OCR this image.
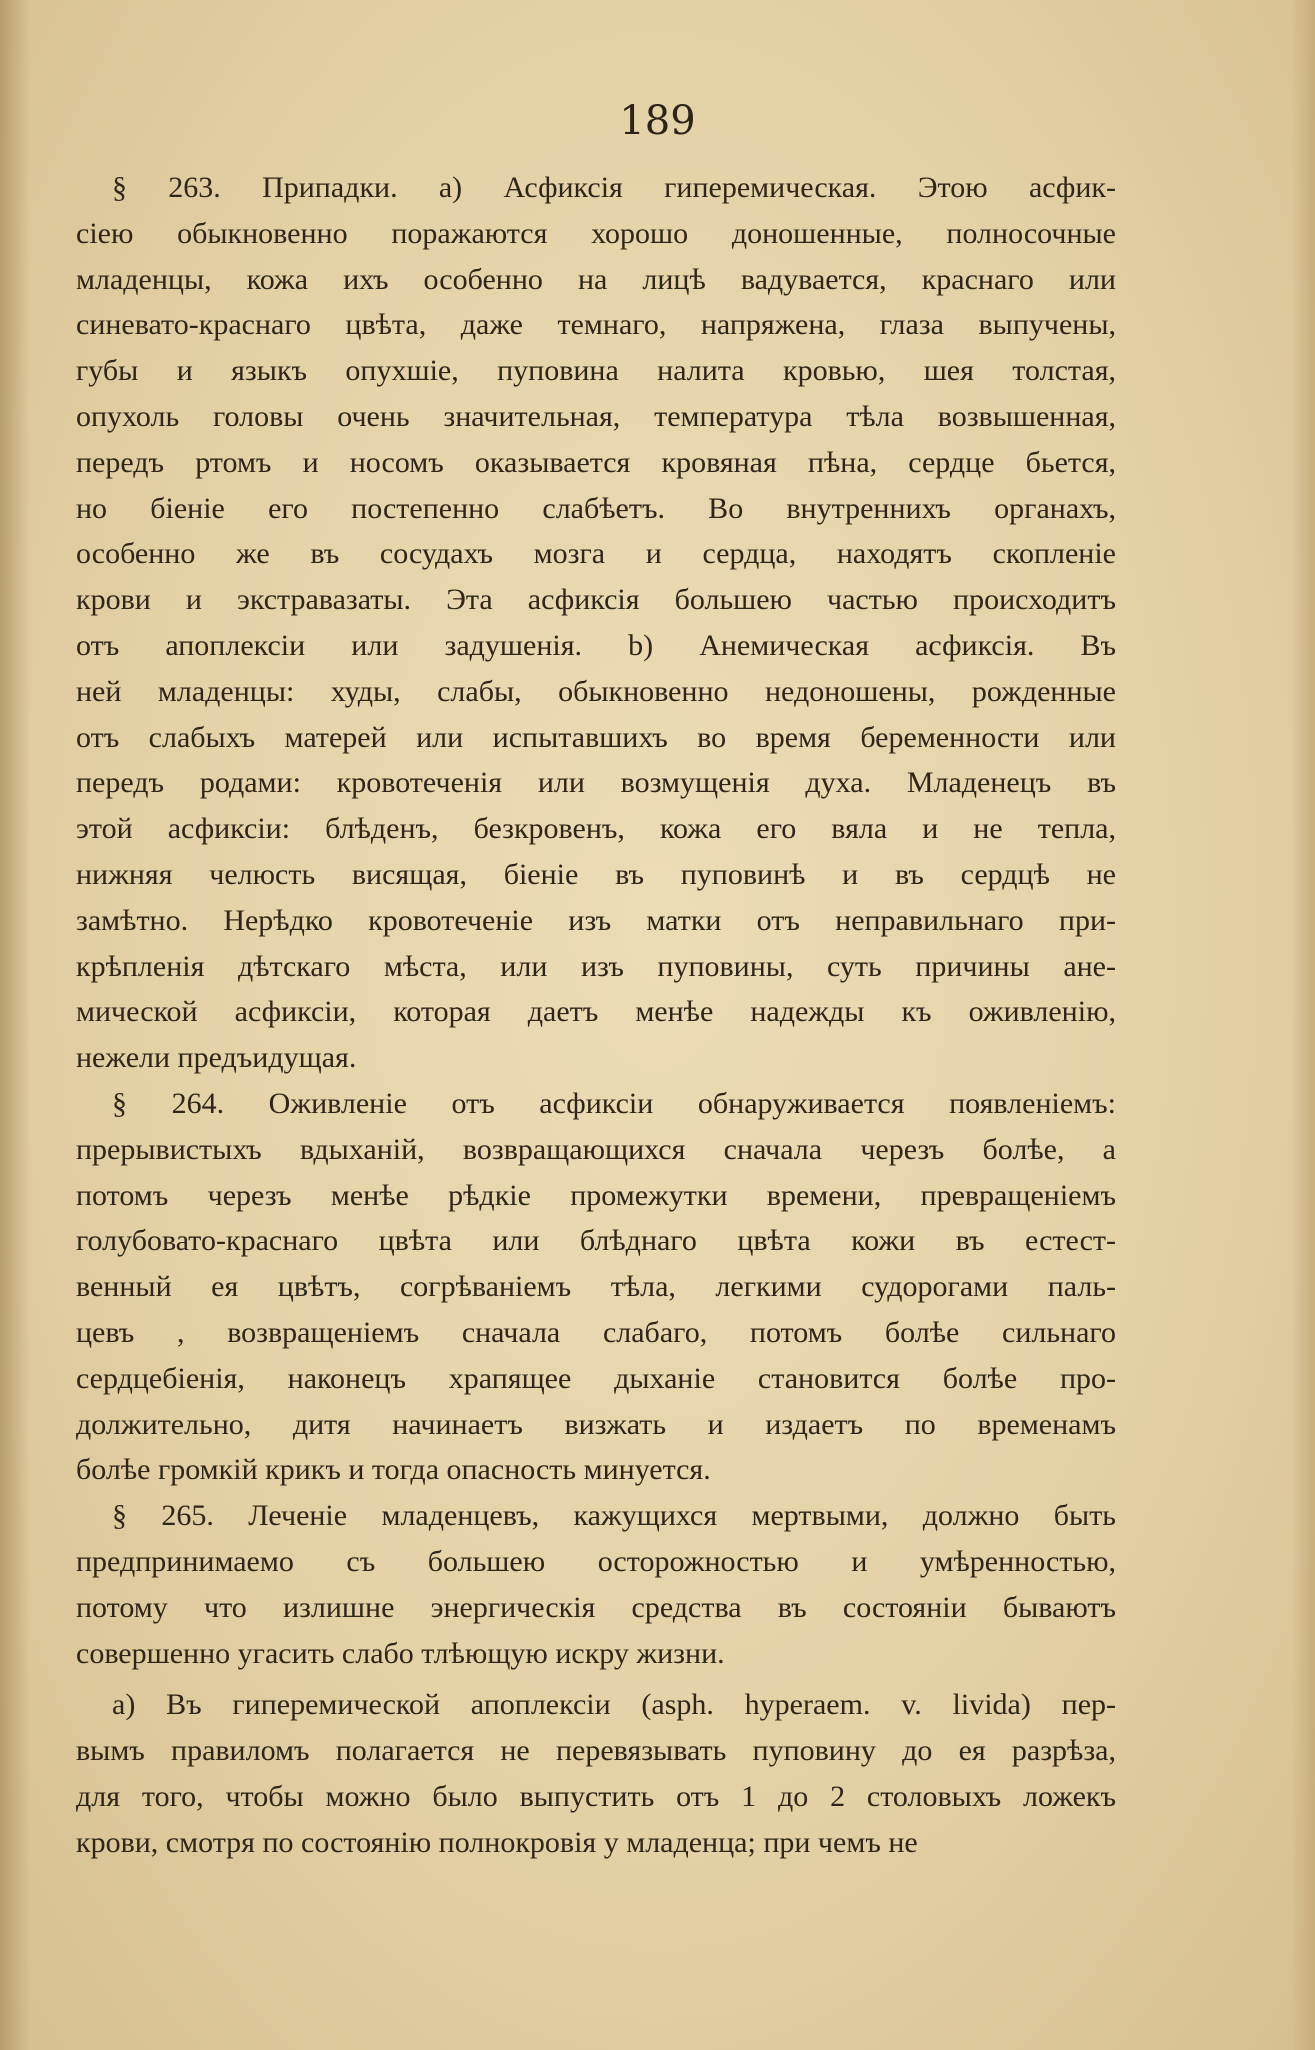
189
§ 263. Припадки. a) Асфиксія гиперемическая. Этою асфик-
сіею обыкновенно поражаются хорошо доношенные, полносочные
младенцы, кожа ихъ особенно на лицѣ вадувается, краснаго или
синевато-краснаго цвѣта, даже темнаго, напряжена, глаза выпучены,
губы и языкъ опухшіе, пуповина налита кровью, шея толстая,
опухоль головы очень значительная, температура тѣла возвышенная,
передъ ртомъ и носомъ оказывается кровяная пѣна, сердце бьется,
но біеніе его постепенно слабѣетъ. Во внутреннихъ органахъ,
особенно же въ сосудахъ мозга и сердца, находятъ скопленіе
крови и экстравазаты. Эта асфиксія большею частью происходитъ
отъ апоплексіи или задушенія. b) Анемическая асфиксія. Въ
ней младенцы: худы, слабы, обыкновенно недоношены, рожденные
отъ слабыхъ матерей или испытавшихъ во время беременности или
передъ родами: кровотеченія или возмущенія духа. Младенецъ въ
этой асфиксіи: блѣденъ, безкровенъ, кожа его вяла и не тепла,
нижняя челюсть висящая, біеніе въ пуповинѣ и въ сердцѣ не
замѣтно. Нерѣдко кровотеченіе изъ матки отъ неправильнаго при-
крѣпленія дѣтскаго мѣста, или изъ пуповины, суть причины ане-
мической асфиксіи, которая даетъ менѣе надежды къ оживленію,
нежели предъидущая.
§ 264. Оживленіе отъ асфиксіи обнаруживается появленіемъ:
прерывистыхъ вдыханій, возвращающихся сначала черезъ болѣе, а
потомъ черезъ менѣе рѣдкіе промежутки времени, превращеніемъ
голубовато-краснаго цвѣта или блѣднаго цвѣта кожи въ естест-
венный ея цвѣтъ, согрѣваніемъ тѣла, легкими судорогами паль-
цевъ , возвращеніемъ сначала слабаго, потомъ болѣе сильнаго
сердцебіенія, наконецъ храпящее дыханіе становится болѣе про-
должительно, дитя начинаетъ визжать и издаетъ по временамъ
болѣе громкій крикъ и тогда опасность минуется.
§ 265. Леченіе младенцевъ, кажущихся мертвыми, должно быть
предпринимаемо съ большею осторожностью и умѣренностью,
потому что излишне энергическія средства въ состояніи бываютъ
совершенно угасить слабо тлѣющую искру жизни.
a) Въ гиперемической апоплексіи (asph. hyperaem. v. livida) пер-
вымъ правиломъ полагается не перевязывать пуповину до ея разрѣза,
для того, чтобы можно было выпустить отъ 1 до 2 столовыхъ ложекъ
крови, смотря по состоянію полнокровія у младенца; при чемъ не
